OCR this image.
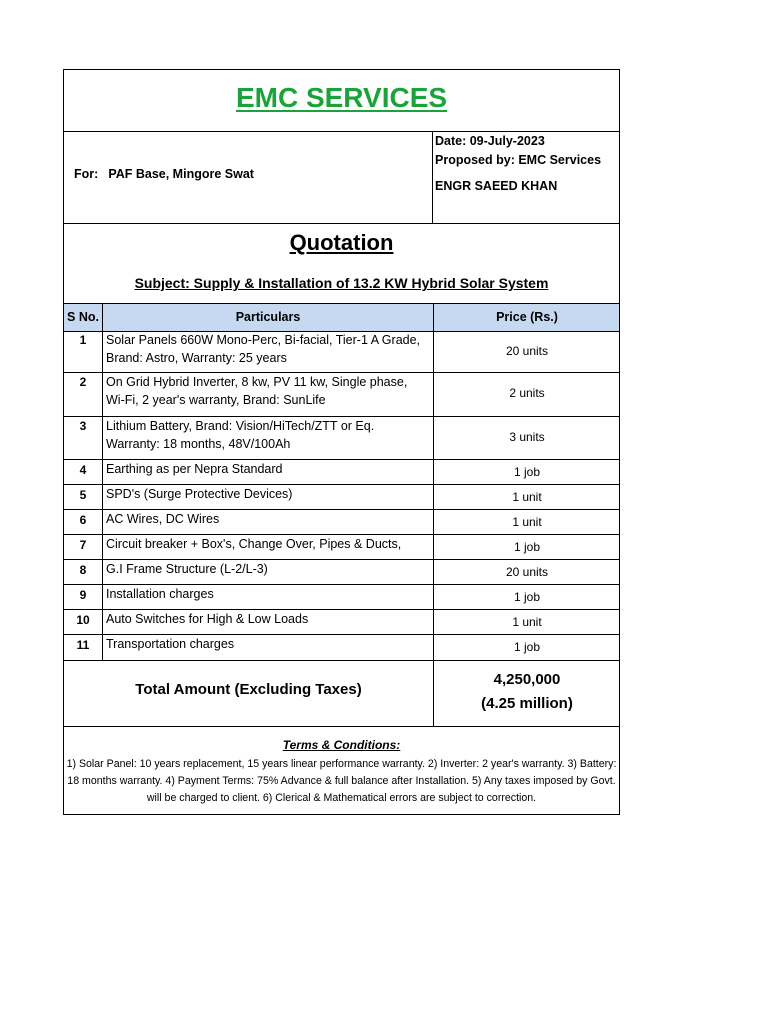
EMC SERVICES
For: PAF Base, Mingore Swat
Date: 09-July-2023
Proposed by: EMC Services
ENGR SAEED KHAN
Quotation
Subject: Supply & Installation of 13.2 KW Hybrid Solar System
S No.	Particulars	Price (Rs.)
1	Solar Panels 660W Mono-Perc, Bi-facial, Tier-1 A Grade,
Brand: Astro, Warranty: 25 years	20 units
2	On Grid Hybrid Inverter, 8 kw, PV 11 kw, Single phase,
Wi-Fi, 2 year's warranty, Brand: SunLife	2 units
3	Lithium Battery, Brand: Vision/HiTech/ZTT or Eq.
Warranty: 18 months, 48V/100Ah	3 units
4	Earthing as per Nepra Standard	1 job
5	SPD's (Surge Protective Devices)	1 unit
6	AC Wires, DC Wires	1 unit
7	Circuit breaker + Box's, Change Over, Pipes & Ducts,	1 job
8	G.I Frame Structure (L-2/L-3)	20 units
9	Installation charges	1 job
10	Auto Switches for High & Low Loads	1 unit
11	Transportation charges	1 job
Total Amount (Excluding Taxes)
4,250,000
(4.25 million)
Terms & Conditions:
1) Solar Panel: 10 years replacement, 15 years linear performance warranty. 2) Inverter: 2 year's warranty. 3) Battery: 18 months warranty. 4) Payment Terms: 75% Advance & full balance after Installation. 5) Any taxes imposed by Govt. will be charged to client. 6) Clerical & Mathematical errors are subject to correction.
